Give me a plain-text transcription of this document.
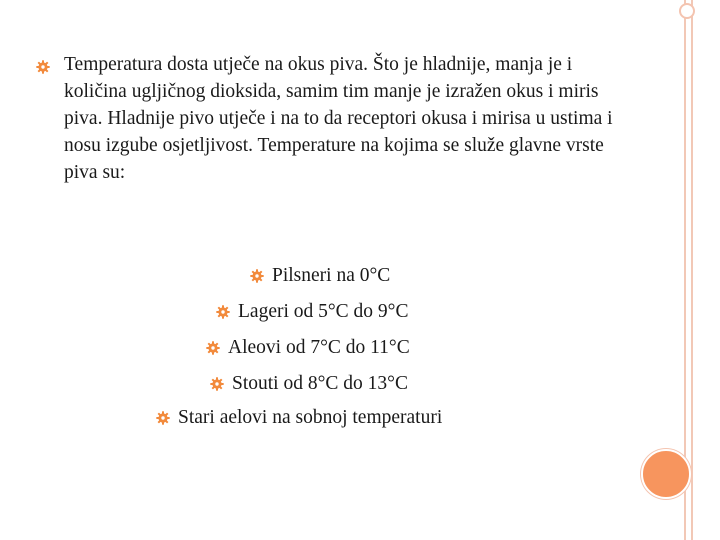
Temperatura dosta utječe na okus piva. Što je hladnije, manja je i količina ugljičnog dioksida, samim tim manje je izražen okus i miris piva. Hladnije pivo utječe i na to da receptori okusa i mirisa u ustima i nosu izgube osjetljivost. Temperature na kojima se služe glavne vrste piva su:

Pilsneri na 0°C
Lageri od 5°C do 9°C
Aleovi od 7°C do 11°C
Stouti od 8°C do 13°C
Stari aelovi na sobnoj temperaturi
